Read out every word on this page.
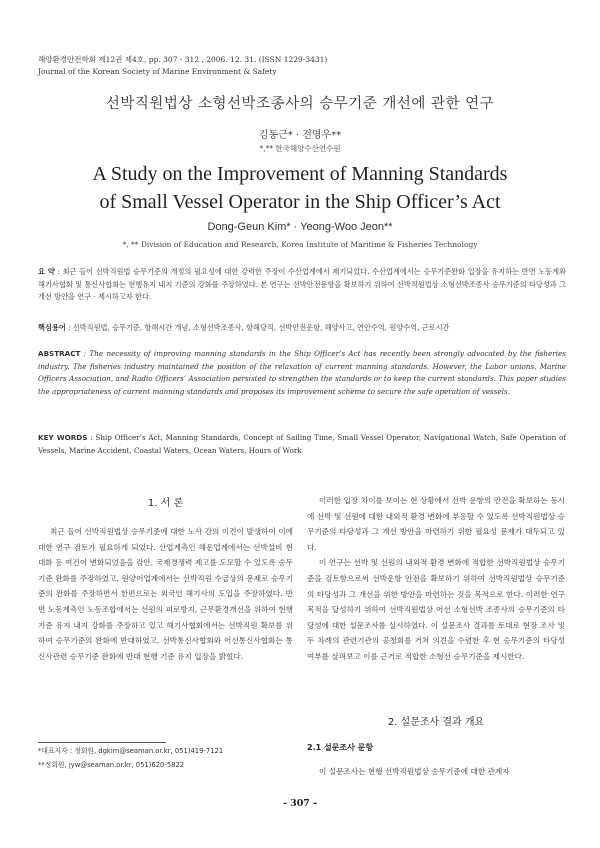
해양환경안전학회 제12권 제4호, pp. 307 - 312 , 2006. 12. 31. (ISSN 1229-3431)
Journal of the Korean Society of Marine Environment & Safety
선박직원법상 소형선박조종사의 승무기준 개선에 관한 연구
김동근* · 전영우**
*,** 한국해양수산연수원
A Study on the Improvement of Manning Standards
of Small Vessel Operator in the Ship Officer’s Act
Dong-Geun Kim* · Yeong-Woo Jeon**
*, ** Division of Education and Research, Korea Institute of Maritime & Fisheries Technology
요 약 : 최근 들어 선박직원법 승무기준의 개정의 필요성에 대한 강력한 주장이 수산업계에서 제기되었다. 수산업계에서는 승무기준완화 입장을 유지하는 반면 노동계와 해기사협회 및 통신사협회는 현행유지 내지 기준의 강화를 주장하였다. 본 연구는 선박안전운항을 확보하기 위하여 선박직원법상 소형선박조종사 승무기준의 타당성과 그 개선 방안을 연구 · 제시하고자 한다.
핵심용어 : 선박직원법, 승무기준, 항해시간 개념, 소형선박조종사, 항해당직, 선박안전운항, 해양사고, 연안수역, 원양수역, 근로시간
ABSTRACT : The necessity of improving manning standards in the Ship Officer’s Act has recently been strongly advocated by the fisheries industry. The fisheries industry maintained the position of the relaxation of current manning standards. However, the Labor unions, Marine Officers Association, and Radio Officers’ Association persisted to strengthen the standards or to keep the current standards. This paper studies the appropriateness of current manning standards and proposes its improvement scheme to secure the safe operation of vessels.
KEY WORDS : Ship Officer’s Act, Manning Standards, Concept of Sailing Time, Small Vessel Operator, Navigational Watch, Safe Operation of Vessels, Marine Accident, Coastal Waters, Ocean Waters, Hours of Work
1. 서 론

최근 들어 선박직원법상 승무기준에 대한 노사 간의 이견이 발생하여 이에 대한 연구 검토가 필요하게 되었다. 산업계측인 해운업계에서는 선박설비 현대화 등 여건이 변화되었음을 감안, 국제경쟁력 제고를 도모할 수 있도록 승무기준 완화를 주장하였고, 원양어업계에서는 선박직원 수급상의 문제로 승무기준의 완화를 주장하면서 한편으로는 외국인 해기사의 도입을 주장하였다. 반면 노동계측인 노동조합에서는 선원의 피로방지, 근무환경개선을 위하여 현행 기준 유지 내지 강화를 주장하고 있고 해기사협회에서는 선박직원 확보를 위하여 승무기준의 완화에 반대하였고, 선박통신사협회와 어선통신사협회는 통신사관련 승무기준 완화에 반대 현행 기준 유지 입장을 밝혔다.

이러한 입장 차이를 보이는 현 상황에서 선박 운항의 안전을 확보하는 동시에 선박 및 선원에 대한 내외적 환경 변화에 부응할 수 있도록 선박직원법상 승무기준의 타당성과 그 개선 방안을 마련하기 위한 필요성 문제가 대두되고 있다.

이 연구는 선박 및 선원의 내외적 환경 변화에 적합한 선박직원법상 승무기준을 검토함으로써 선박운항 안전을 확보하기 위하여 선박직원법상 승무기준의 타당성과 그 개선을 위한 방안을 마련하는 것을 목적으로 한다. 이러한 연구목적을 달성하기 위하여 선박직원법상 어선 소형선박 조종사의 승무기준의 타당성에 대한 설문조사를 실시하였다. 이 설문조사 결과를 토대로 현장 조사 및 두 차례의 관련기관의 공청회를 거쳐 의견을 수렴한 후 현 승무기준의 타당성 여부를 살펴보고 이를 근거로 적합한 소형선 승무기준을 제시한다.

2. 설문조사 결과 개요
2.1 설문조사 문항

이 설문조사는 현행 선박직원법상 승무기준에 대한 관계자

*대표저자 : 정회원, dgkim@seaman.or.kr, 051)419-7121
**정회원, jyw@seaman.or.kr, 051)620-5822
- 307 -
